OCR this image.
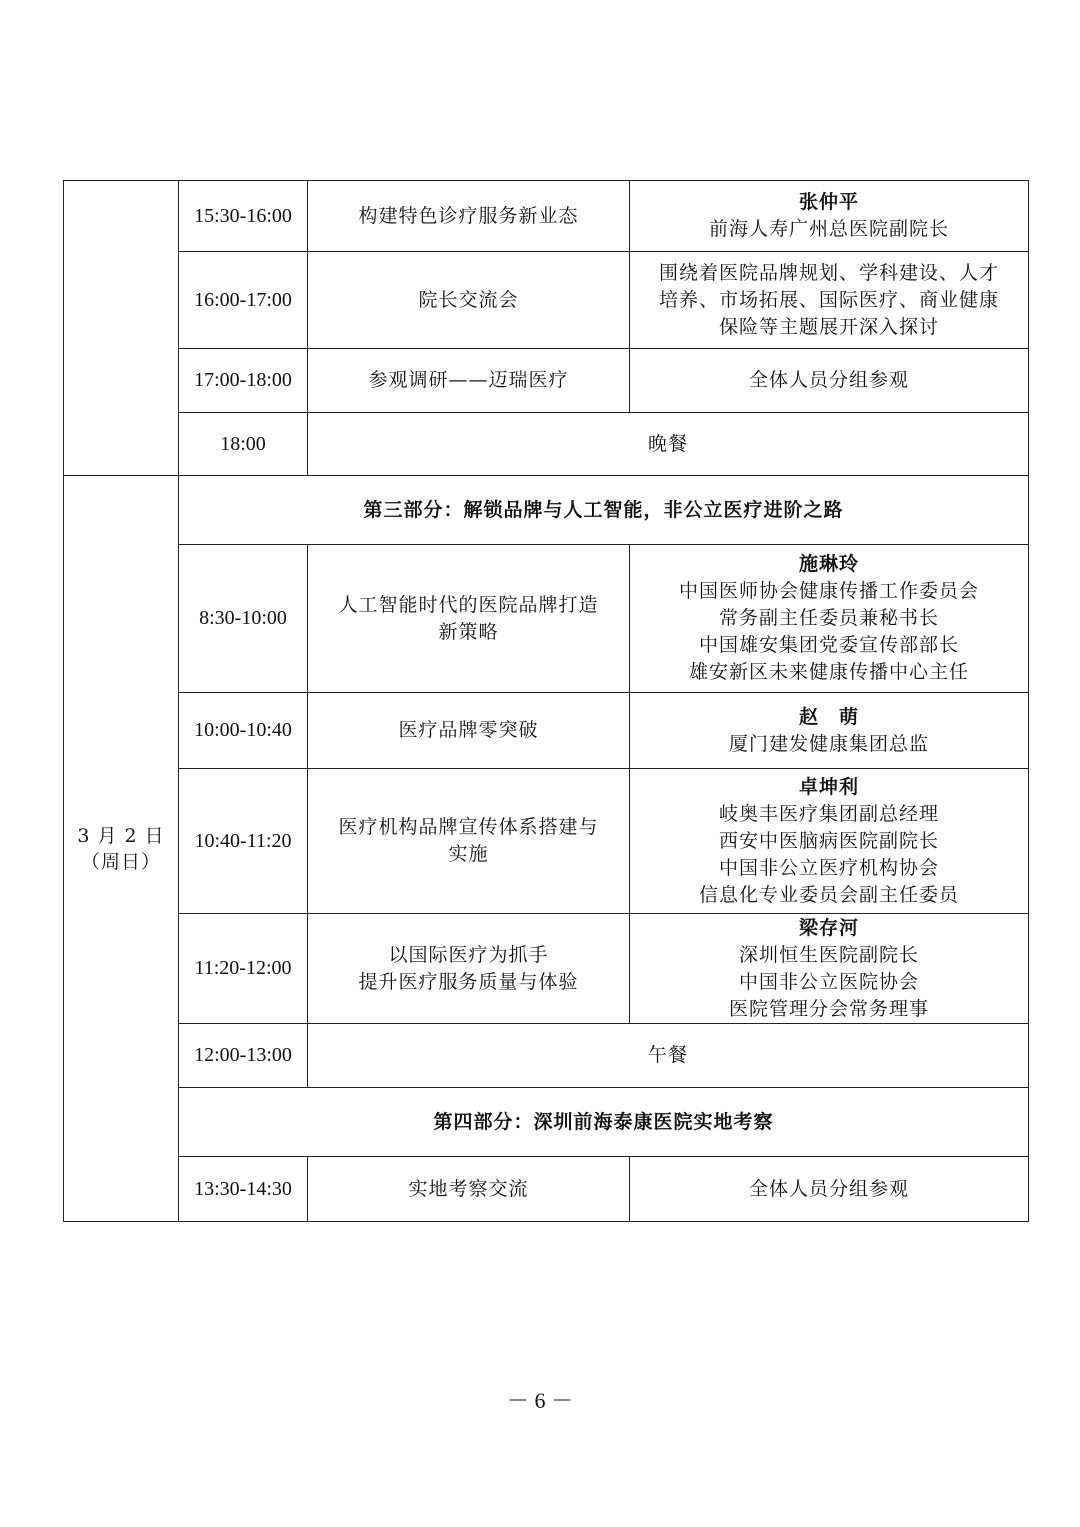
	15:30-16:00	构建特色诊疗服务新业态	张仲平
前海人寿广州总医院副院长

	16:00-17:00	院长交流会	围绕着医院品牌规划、学科建设、人才
培养、市场拓展、国际医疗、商业健康
保险等主题展开深入探讨

	17:00-18:00	参观调研——迈瑞医疗	全体人员分组参观

	18:00	晚餐	

3 月 2 日
（周日）	第三部分：解锁品牌与人工智能，非公立医疗进阶之路		
	8:30-10:00	人工智能时代的医院品牌打造
新策略	施琳玲
中国医师协会健康传播工作委员会
常务副主任委员兼秘书长
中国雄安集团党委宣传部部长
雄安新区未来健康传播中心主任

	10:00-10:40	医疗品牌零突破	赵　萌
厦门建发健康集团总监

	10:40-11:20	医疗机构品牌宣传体系搭建与
实施	卓坤利
岐奥丰医疗集团副总经理
西安中医脑病医院副院长
中国非公立医疗机构协会
信息化专业委员会副主任委员

	11:20-12:00	以国际医疗为抓手
提升医疗服务质量与体验	梁存河
深圳恒生医院副院长
中国非公立医院协会
医院管理分会常务理事

	12:00-13:00	午餐	
	第四部分：深圳前海泰康医院实地考察		
	13:30-14:30	实地考察交流	全体人员分组参观
－ 6 －
